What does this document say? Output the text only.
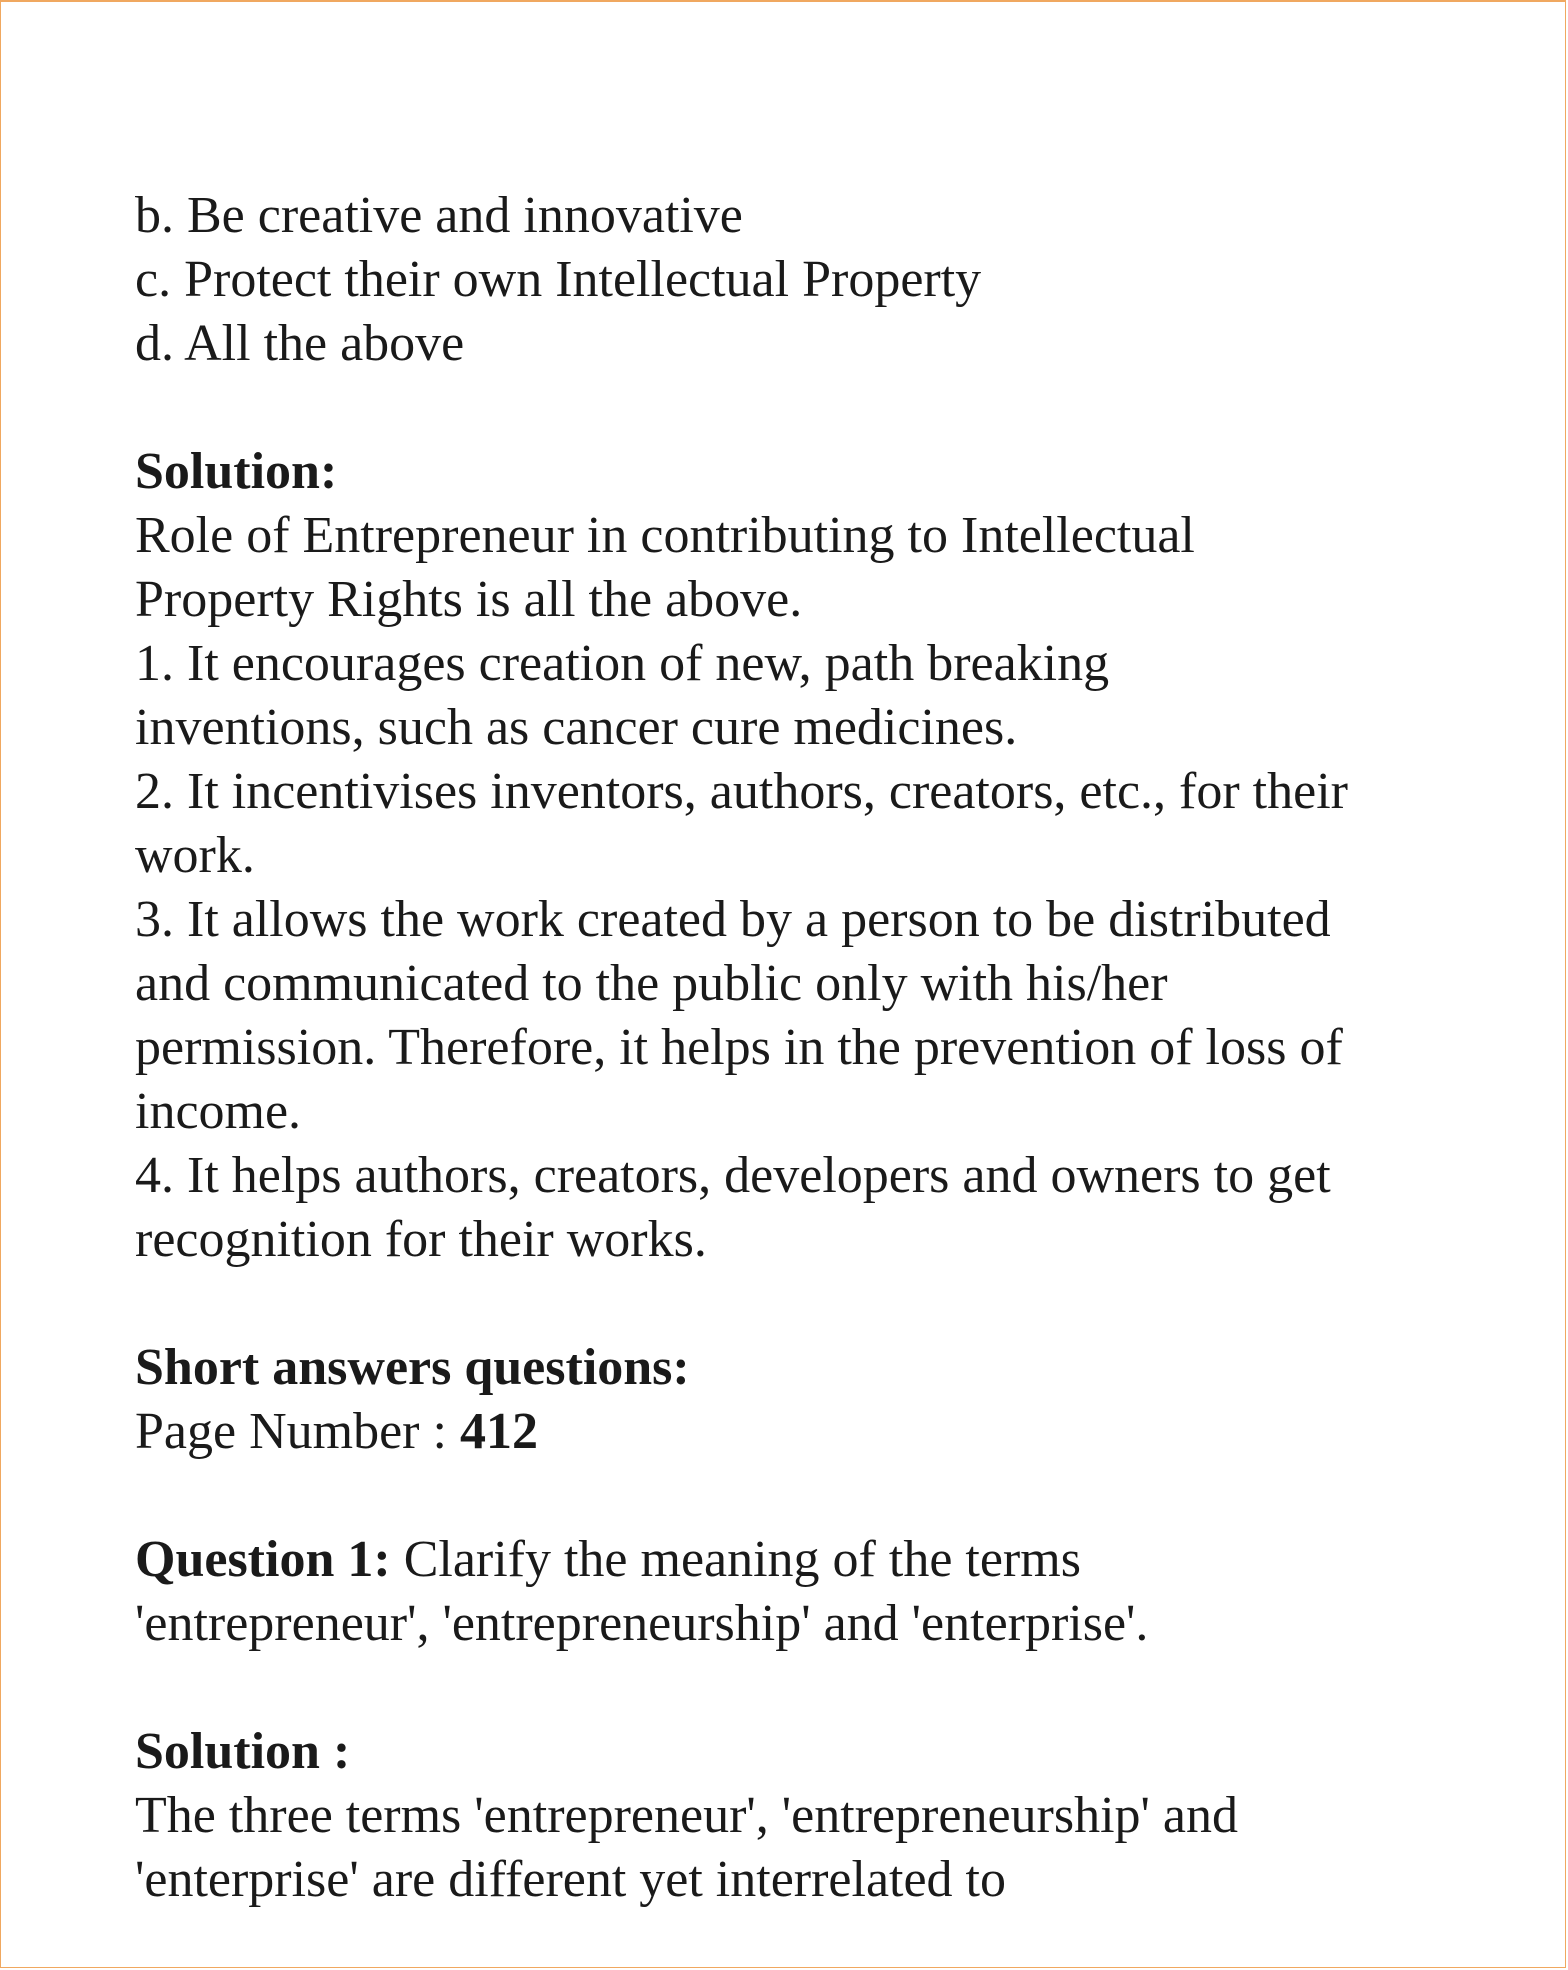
b. Be creative and innovative
c. Protect their own Intellectual Property
d. All the above
Solution:
Role of Entrepreneur in contributing to Intellectual
Property Rights is all the above.
1. It encourages creation of new, path breaking
inventions, such as cancer cure medicines.
2. It incentivises inventors, authors, creators, etc., for their
work.
3. It allows the work created by a person to be distributed
and communicated to the public only with his/her
permission. Therefore, it helps in the prevention of loss of
income.
4. It helps authors, creators, developers and owners to get
recognition for their works.
Short answers questions:
Page Number : 412
Question 1: Clarify the meaning of the terms
'entrepreneur', 'entrepreneurship' and 'enterprise'.
Solution :
The three terms 'entrepreneur', 'entrepreneurship' and
'enterprise' are different yet interrelated to
